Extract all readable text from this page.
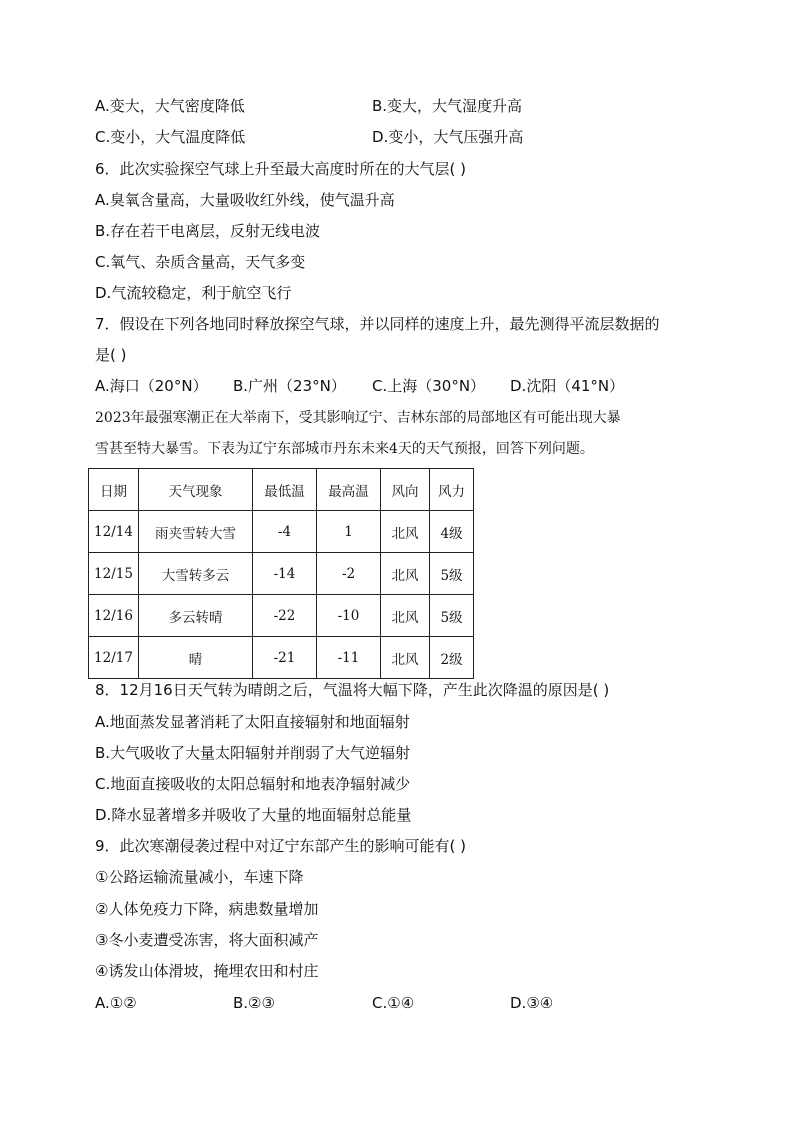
A.变大，大气密度降低	B.变大，大气湿度升高
C.变小，大气温度降低	D.变小，大气压强升高
6．此次实验探空气球上升至最大高度时所在的大气层( )
A.臭氧含量高，大量吸收红外线，使气温升高
B.存在若干电离层，反射无线电波
C.氧气、杂质含量高，天气多变
D.气流较稳定，利于航空飞行
7．假设在下列各地同时释放探空气球，并以同样的速度上升，最先测得平流层数据的
是( )
A.海口（20°N） B.广州（23°N） C.上海（30°N） D.沈阳（41°N）
2023年最强寒潮正在大举南下，受其影响辽宁、吉林东部的局部地区有可能出现大暴
雪甚至特大暴雪。下表为辽宁东部城市丹东未来4天的天气预报，回答下列问题。
日期	天气现象	最低温	最高温	风向	风力
12/14	雨夹雪转大雪	-4	1	北风	4级
12/15	大雪转多云	-14	-2	北风	5级
12/16	多云转晴	-22	-10	北风	5级
12/17	晴	-21	-11	北风	2级
8．12月16日天气转为晴朗之后，气温将大幅下降，产生此次降温的原因是( )
A.地面蒸发显著消耗了太阳直接辐射和地面辐射
B.大气吸收了大量太阳辐射并削弱了大气逆辐射
C.地面直接吸收的太阳总辐射和地表净辐射减少
D.降水显著增多并吸收了大量的地面辐射总能量
9．此次寒潮侵袭过程中对辽宁东部产生的影响可能有( )
①公路运输流量减小，车速下降
②人体免疫力下降，病患数量增加
③冬小麦遭受冻害，将大面积减产
④诱发山体滑坡，掩埋农田和村庄
A.①②	B.②③	C.①④	D.③④
